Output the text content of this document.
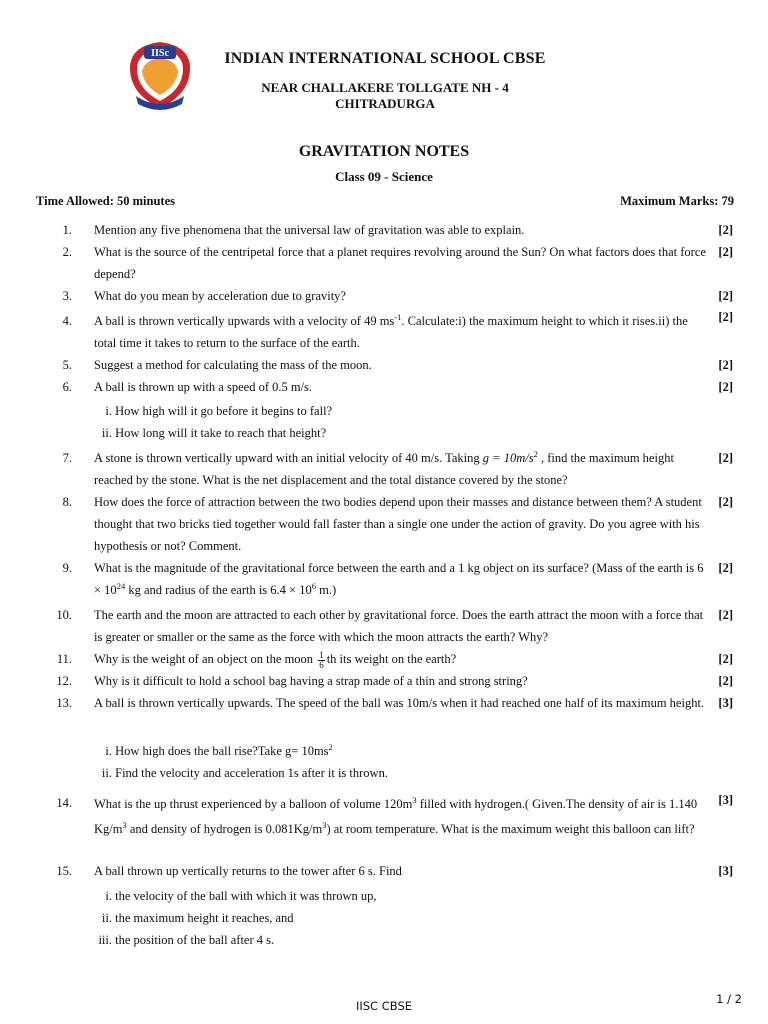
IISc	INDIAN INTERNATIONAL SCHOOL CBSE
NEAR CHALLAKERE TOLLGATE NH - 4 CHITRADURGA
GRAVITATION NOTES
Class 09 - Science
Time Allowed: 50 minutes	Maximum Marks: 79
1. Mention any five phenomena that the universal law of gravitation was able to explain.	[2]
2. What is the source of the centripetal force that a planet requires revolving around the Sun? On what factors does that force depend?
[2]
3. What do you mean by acceleration due to gravity?	[2]
4. A ball is thrown vertically upwards with a velocity of 49 $ms^{-1}$. Calculate:i) the maximum height to which it rises.ii) the total time it takes to return to the surface of the earth.
[2]
5. Suggest a method for calculating the mass of the moon.	[2]
6. A ball is thrown up with a speed of 0.5 m/s.	[2]
i. How high will it go before it begins to fall?
ii. How long will it take to reach that height?
7. A stone is thrown vertically upward with an initial velocity of 40 m/s. Taking $g = 10m/s^2$ , find the maximum height reached by the stone. What is the net displacement and the total distance covered by the stone?
[2]
8. How does the force of attraction between the two bodies depend upon their masses and distance between them? A student thought that two bricks tied together would fall faster than a single one under the action of gravity. Do you agree with his hypothesis or not? Comment.
[2]
9. What is the magnitude of the gravitational force between the earth and a 1 kg object on its surface? (Mass of the earth is $6 \times 10^{24}$ kg and radius of the earth is $6.4 \times 10^6$ m.)
[2]
10. The earth and the moon are attracted to each other by gravitational force. Does the earth attract the moon with a force that is greater or smaller or the same as the force with which the moon attracts the earth? Why?
[2]
11. Why is the weight of an object on the moon $\frac{1}{6}$ th its weight on the earth?	[2]
12. Why is it difficult to hold a school bag having a strap made of a thin and strong string?	[2]
13. A ball is thrown vertically upwards. The speed of the ball was 10m/s when it had reached one half of its maximum height. [3]
i. How high does the ball rise?Take $g= 10ms^2$
ii. Find the velocity and acceleration 1s after it is thrown.
14. What is the up thrust experienced by a balloon of volume $120m^3$ filled with hydrogen.( Given.The density of air is 1.140 $Kg/m^3$ and density of hydrogen is $0.081Kg/m^3$) at room temperature. What is the maximum weight this balloon can lift?
[3]
15. A ball thrown up vertically returns to the tower after 6 s. Find	[3]
i. the velocity of the ball with which it was thrown up,
ii. the maximum height it reaches, and
iii. the position of the ball after 4 s.
IISC CBSE	1 / 2
